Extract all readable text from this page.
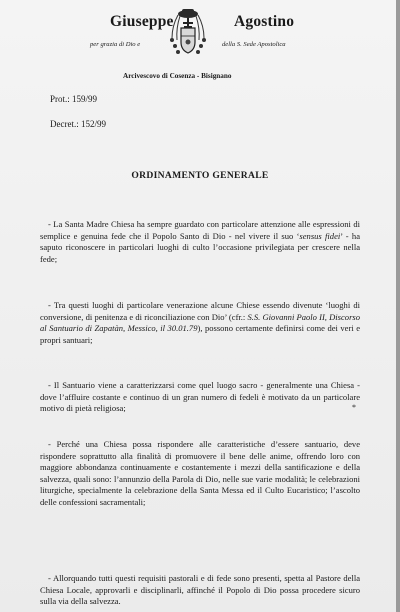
Giuseppe	Agostino
per grazia di Dio e	della S. Sede Apostolica
Arcivescovo di Cosenza - Bisignano
Prot.: 159/99
Decret.: 152/99
ORDINAMENTO GENERALE

- La Santa Madre Chiesa ha sempre guardato con particolare attenzione alle espressioni di semplice e genuina fede che il Popolo Santo di Dio - nel vivere il suo ‘sensus fidei’ - ha saputo riconoscere in particolari luoghi di culto l’occasione privilegiata per crescere nella fede;

- Tra questi luoghi di particolare venerazione alcune Chiese essendo divenute ‘luoghi di conversione, di penitenza e di riconciliazione con Dio’ (cfr.: S.S. Giovanni Paolo II, Discorso al Santuario di Zapatàn, Messico, il 30.01.79), possono certamente definirsi come dei veri e propri santuari;

- Il Santuario viene a caratterizzarsi come quel luogo sacro - generalmente una Chiesa - dove l’affluire costante e continuo di un gran numero di fedeli è motivato da un particolare motivo di pietà religiosa;	*

- Perché una Chiesa possa rispondere alle caratteristiche d’essere santuario, deve rispondere soprattutto alla finalità di promuovere il bene delle anime, offrendo loro con maggiore abbondanza continuamente e costantemente i mezzi della santificazione e della salvezza, quali sono: l’annunzio della Parola di Dio, nelle sue varie modalità; le celebrazioni liturgiche, specialmente la celebrazione della Santa Messa ed il Culto Eucaristico; l’ascolto delle confessioni sacramentali;

- Allorquando tutti questi requisiti pastorali e di fede sono presenti, spetta al Pastore della Chiesa Locale, approvarli e disciplinarli, affinché il Popolo di Dio possa procedere sicuro sulla via della salvezza.
